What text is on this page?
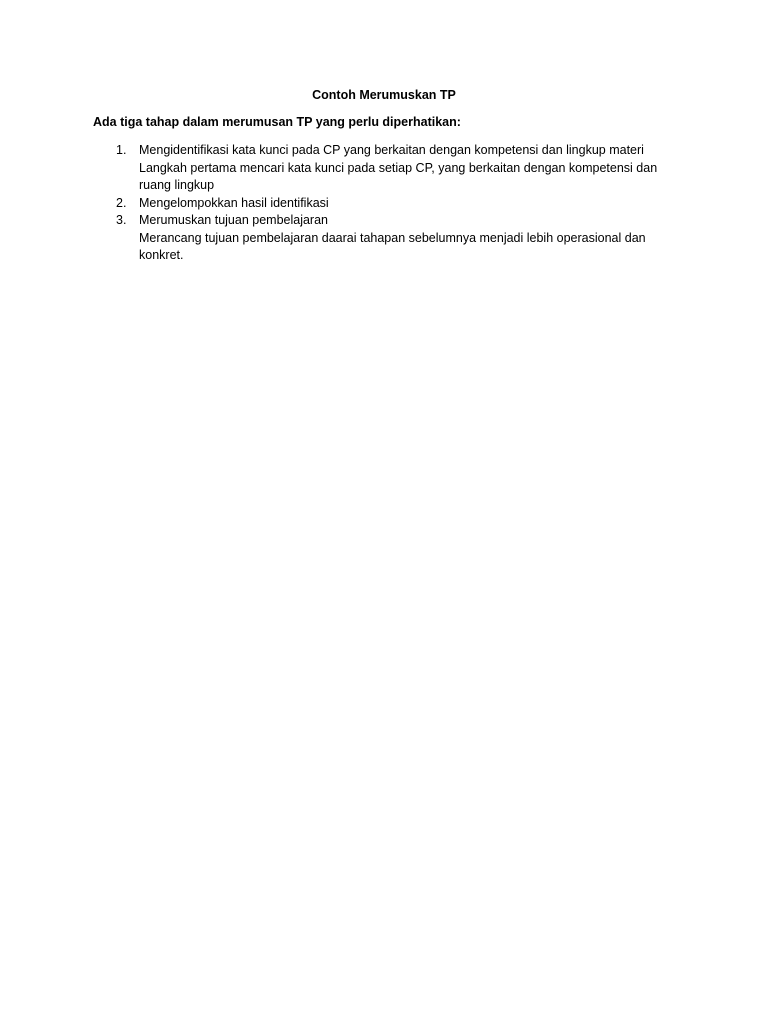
Contoh Merumuskan TP
Ada tiga tahap dalam merumusan TP yang perlu diperhatikan:
1. Mengidentifikasi kata kunci pada CP yang berkaitan dengan kompetensi dan lingkup materi
Langkah pertama mencari kata kunci pada setiap CP, yang berkaitan dengan kompetensi dan ruang lingkup
2. Mengelompokkan hasil identifikasi
3. Merumuskan tujuan pembelajaran
Merancang tujuan pembelajaran daarai tahapan sebelumnya menjadi lebih operasional dan konkret.
